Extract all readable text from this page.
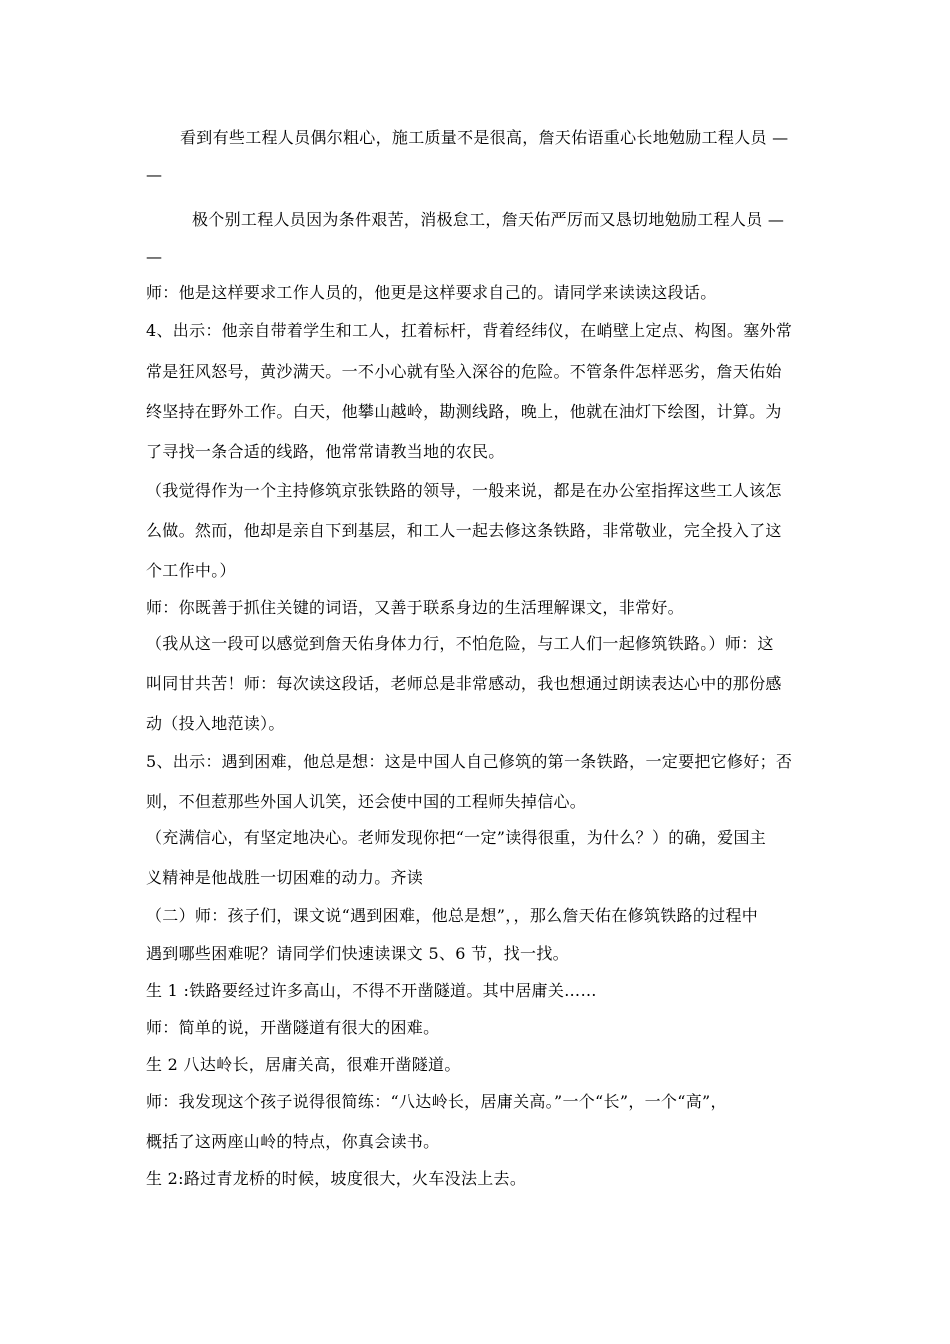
看到有些工程人员偶尔粗心，施工质量不是很高，詹天佑语重心长地勉励工程人员 —
—
极个别工程人员因为条件艰苦，消极怠工，詹天佑严厉而又恳切地勉励工程人员 —
—
师：他是这样要求工作人员的，他更是这样要求自己的。请同学来读读这段话。
4、出示：他亲自带着学生和工人，扛着标杆，背着经纬仪，在峭壁上定点、构图。塞外常
常是狂风怒号，黄沙满天。一不小心就有坠入深谷的危险。不管条件怎样恶劣，詹天佑始
终坚持在野外工作。白天，他攀山越岭，勘测线路，晚上，他就在油灯下绘图，计算。为
了寻找一条合适的线路，他常常请教当地的农民。
（我觉得作为一个主持修筑京张铁路的领导，一般来说，都是在办公室指挥这些工人该怎
么做。然而，他却是亲自下到基层，和工人一起去修这条铁路，非常敬业，完全投入了这
个工作中。）
师：你既善于抓住关键的词语，又善于联系身边的生活理解课文，非常好。
（我从这一段可以感觉到詹天佑身体力行，不怕危险，与工人们一起修筑铁路。）师：这
叫同甘共苦！师：每次读这段话，老师总是非常感动，我也想通过朗读表达心中的那份感
动（投入地范读）。
5、出示：遇到困难，他总是想：这是中国人自己修筑的第一条铁路，一定要把它修好；否
则，不但惹那些外国人讥笑，还会使中国的工程师失掉信心。
（充满信心，有坚定地决心。老师发现你把“一定”读得很重，为什么？）的确，爱国主
义精神是他战胜一切困难的动力。齐读
（二）师：孩子们，课文说“遇到困难，他总是想”，，那么詹天佑在修筑铁路的过程中
遇到哪些困难呢？请同学们快速读课文 5、6 节，找一找。
生 1 :铁路要经过许多高山，不得不开凿隧道。其中居庸关……
师：简单的说，开凿隧道有很大的困难。
生 2 八达岭长，居庸关高，很难开凿隧道。
师：我发现这个孩子说得很简练：“八达岭长，居庸关高。”一个“长”，一个“高”，
概括了这两座山岭的特点，你真会读书。
生 2:路过青龙桥的时候，坡度很大，火车没法上去。
